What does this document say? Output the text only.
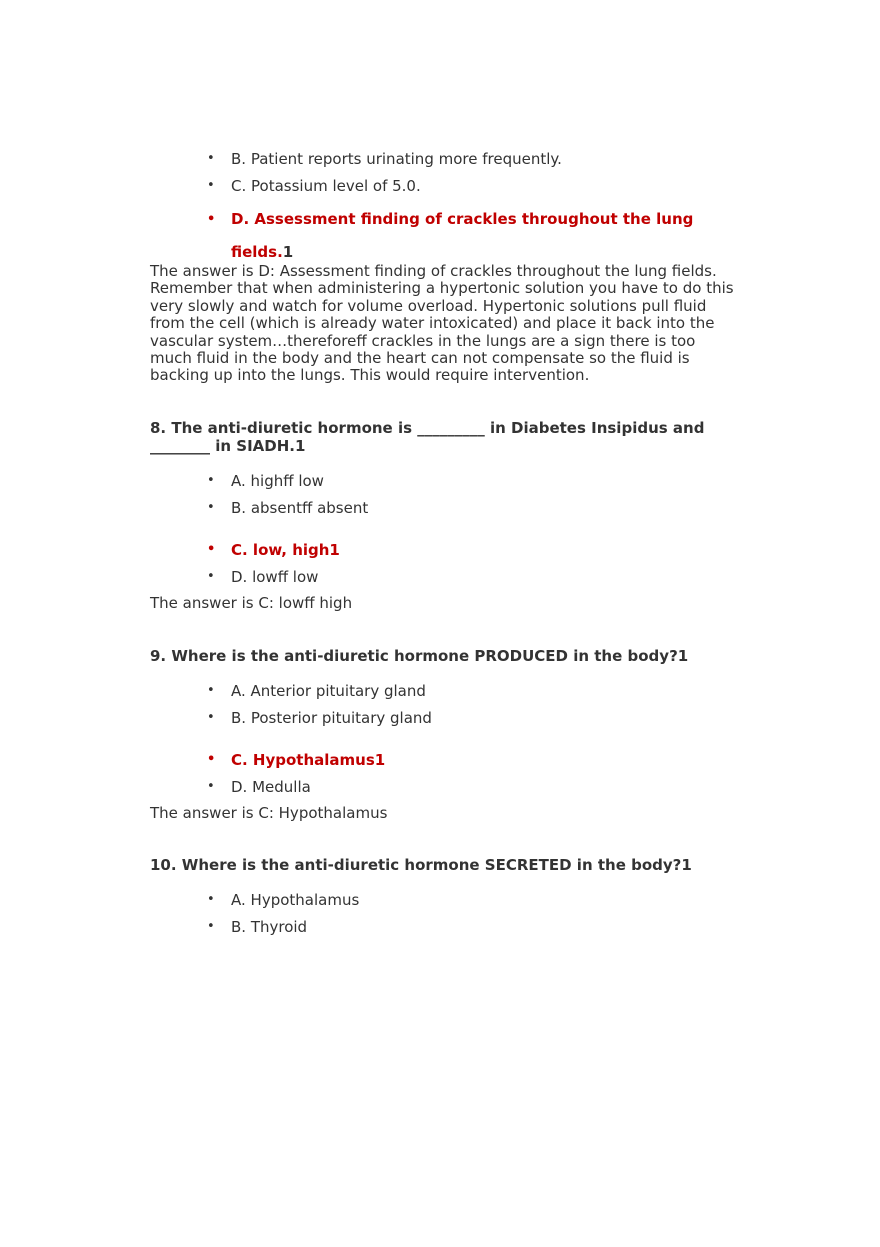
• B. Patient reports urinating more frequently.
• C. Potassium level of 5.0.
• D. Assessment finding of crackles throughout the lung
fields.1
The answer is D: Assessment finding of crackles throughout the lung fields.
Remember that when administering a hypertonic solution you have to do this
very slowly and watch for volume overload. Hypertonic solutions pull fluid
from the cell (which is already water intoxicated) and place it back into the
vascular system…thereforeff crackles in the lungs are a sign there is too
much fluid in the body and the heart can not compensate so the fluid is
backing up into the lungs. This would require intervention.
8. The anti-diuretic hormone is _________ in Diabetes Insipidus and
________ in SIADH.1
• A. highff low
• B. absentff absent
• C. low, high1
• D. lowff low
The answer is C: lowff high
9. Where is the anti-diuretic hormone PRODUCED in the body?1
• A. Anterior pituitary gland
• B. Posterior pituitary gland
• C. Hypothalamus1
• D. Medulla
The answer is C: Hypothalamus
10. Where is the anti-diuretic hormone SECRETED in the body?1
• A. Hypothalamus
• B. Thyroid
